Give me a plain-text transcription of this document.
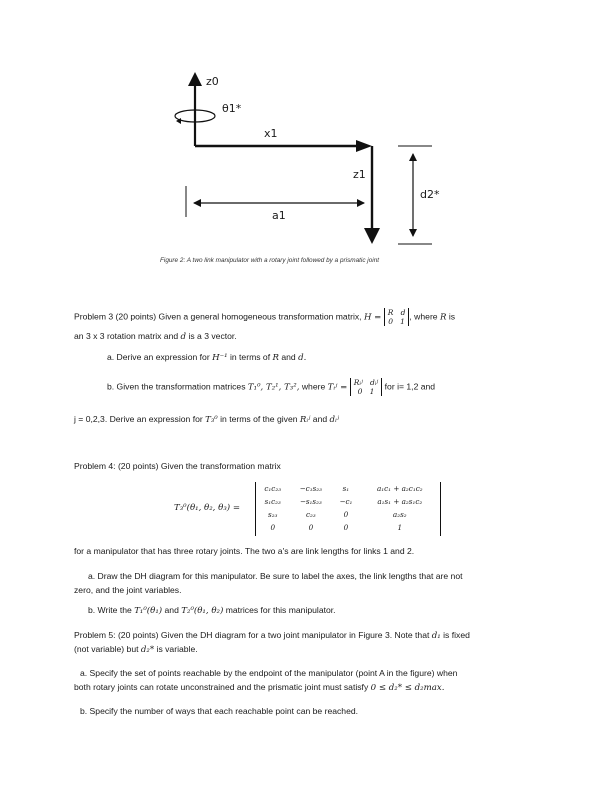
z0
θ1*
x1
z1
a1
d2*
Figure 2: A two link manipulator with a rotary joint followed by a prismatic joint
Problem 3 (20 points) Given a general homogeneous transformation matrix, H = R d
0 1, where R is
an 3 x 3 rotation matrix and d is a 3 vector.
a. Derive an expression for H⁻¹ in terms of R and d.
b. Given the transformation matrices T₁⁰, T₂¹, T₃², where Tᵢʲ = Rᵢʲ dᵢʲ
0 1 for i= 1,2 and
j = 0,2,3. Derive an expression for T₃⁰ in terms of the given Rᵢʲ and dᵢʲ
Problem 4: (20 points) Given the transformation matrix
T₃⁰(θ₁, θ₂, θ₃) =
c₁c₂₃	−c₁s₂₃	s₁	a₁c₁ + a₂c₁c₂
s₁c₂₃	−s₁s₂₃	−c₁	a₁s₁ + a₂s₁c₂
s₂₃	c₂₃	0	a₂s₂
0	0	0	1
for a manipulator that has three rotary joints. The two a's are link lengths for links 1 and 2.
a. Draw the DH diagram for this manipulator. Be sure to label the axes, the link lengths that are not
zero, and the joint variables.
b. Write the T₁⁰(θ₁) and T₂⁰(θ₁, θ₂) matrices for this manipulator.
Problem 5: (20 points) Given the DH diagram for a two joint manipulator in Figure 3. Note that d₁ is fixed
(not variable) but d₂* is variable.
a. Specify the set of points reachable by the endpoint of the manipulator (point A in the figure) when
both rotary joints can rotate unconstrained and the prismatic joint must satisfy 0 ≤ d₂* ≤ d₂max.
b. Specify the number of ways that each reachable point can be reached.
